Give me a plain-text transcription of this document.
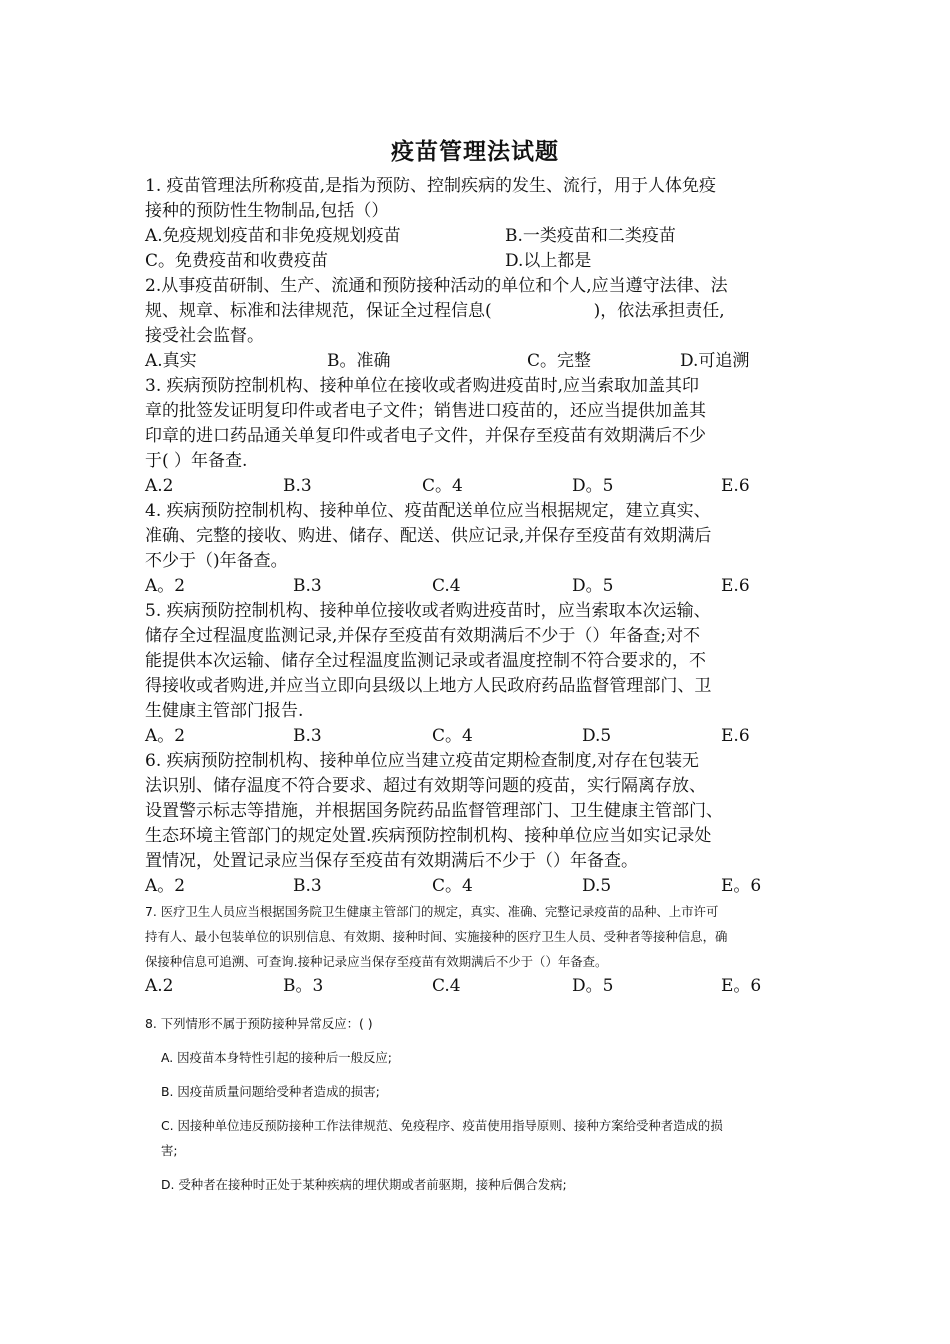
疫苗管理法试题

1. 疫苗管理法所称疫苗,是指为预防、控制疾病的发生、流行，用于人体免疫

接种的预防性生物制品,包括（）

A.免疫规划疫苗和非免疫规划疫苗	B.一类疫苗和二类疫苗
C。免费疫苗和收费疫苗	D.以上都是

2.从事疫苗研制、生产、流通和预防接种活动的单位和个人,应当遵守法律、法

规、规章、标准和法律规范，保证全过程信息(　　　　　　)，依法承担责任,

接受社会监督。

A.真实	B。准确	C。完整	D.可追溯

3. 疾病预防控制机构、接种单位在接收或者购进疫苗时,应当索取加盖其印

章的批签发证明复印件或者电子文件；销售进口疫苗的，还应当提供加盖其

印章的进口药品通关单复印件或者电子文件，并保存至疫苗有效期满后不少

于( ）年备查.

A.2	B.3	C。4	D。5	E.6

4. 疾病预防控制机构、接种单位、疫苗配送单位应当根据规定，建立真实、

准确、完整的接收、购进、储存、配送、供应记录,并保存至疫苗有效期满后

不少于（)年备查。

A。2	B.3	C.4	D。5	E.6

5. 疾病预防控制机构、接种单位接收或者购进疫苗时，应当索取本次运输、

储存全过程温度监测记录,并保存至疫苗有效期满后不少于（）年备查;对不

能提供本次运输、储存全过程温度监测记录或者温度控制不符合要求的，不

得接收或者购进,并应当立即向县级以上地方人民政府药品监督管理部门、卫

生健康主管部门报告.

A。2	B.3	C。4	D.5	E.6

6. 疾病预防控制机构、接种单位应当建立疫苗定期检查制度,对存在包装无

法识别、储存温度不符合要求、超过有效期等问题的疫苗，实行隔离存放、

设置警示标志等措施，并根据国务院药品监督管理部门、卫生健康主管部门、

生态环境主管部门的规定处置.疾病预防控制机构、接种单位应当如实记录处

置情况，处置记录应当保存至疫苗有效期满后不少于（）年备查。

A。2	B.3	C。4	D.5	E。6

7. 医疗卫生人员应当根据国务院卫生健康主管部门的规定，真实、准确、完整记录疫苗的品种、上市许可

持有人、最小包装单位的识别信息、有效期、接种时间、实施接种的医疗卫生人员、受种者等接种信息，确

保接种信息可追溯、可查询.接种记录应当保存至疫苗有效期满后不少于（）年备查。

A.2	B。3	C.4	D。5	E。6

8. 下列情形不属于预防接种异常反应：( )

A. 因疫苗本身特性引起的接种后一般反应;

B. 因疫苗质量问题给受种者造成的损害;

C. 因接种单位违反预防接种工作法律规范、免疫程序、疫苗使用指导原则、接种方案给受种者造成的损

害;

D. 受种者在接种时正处于某种疾病的埋伏期或者前驱期，接种后偶合发病;
